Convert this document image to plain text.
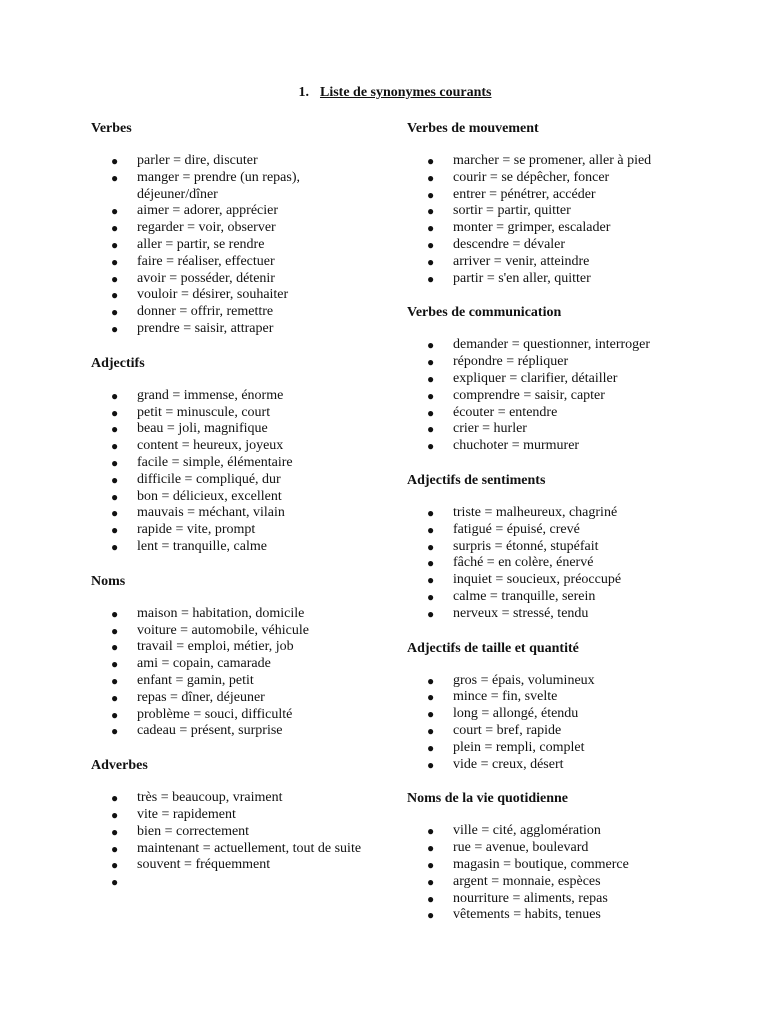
1. Liste de synonymes courants
Verbes
● parler = dire, discuter
● manger = prendre (un repas), déjeuner/dîner
● aimer = adorer, apprécier
● regarder = voir, observer
● aller = partir, se rendre
● faire = réaliser, effectuer
● avoir = posséder, détenir
● vouloir = désirer, souhaiter
● donner = offrir, remettre
● prendre = saisir, attraper
Adjectifs
● grand = immense, énorme
● petit = minuscule, court
● beau = joli, magnifique
● content = heureux, joyeux
● facile = simple, élémentaire
● difficile = compliqué, dur
● bon = délicieux, excellent
● mauvais = méchant, vilain
● rapide = vite, prompt
● lent = tranquille, calme
Noms
● maison = habitation, domicile
● voiture = automobile, véhicule
● travail = emploi, métier, job
● ami = copain, camarade
● enfant = gamin, petit
● repas = dîner, déjeuner
● problème = souci, difficulté
● cadeau = présent, surprise
Adverbes
● très = beaucoup, vraiment
● vite = rapidement
● bien = correctement
● maintenant = actuellement, tout de suite
● souvent = fréquemment
●
Verbes de mouvement
● marcher = se promener, aller à pied
● courir = se dépêcher, foncer
● entrer = pénétrer, accéder
● sortir = partir, quitter
● monter = grimper, escalader
● descendre = dévaler
● arriver = venir, atteindre
● partir = s'en aller, quitter
Verbes de communication
● demander = questionner, interroger
● répondre = répliquer
● expliquer = clarifier, détailler
● comprendre = saisir, capter
● écouter = entendre
● crier = hurler
● chuchoter = murmurer
Adjectifs de sentiments
● triste = malheureux, chagriné
● fatigué = épuisé, crevé
● surpris = étonné, stupéfait
● fâché = en colère, énervé
● inquiet = soucieux, préoccupé
● calme = tranquille, serein
● nerveux = stressé, tendu
Adjectifs de taille et quantité
● gros = épais, volumineux
● mince = fin, svelte
● long = allongé, étendu
● court = bref, rapide
● plein = rempli, complet
● vide = creux, désert
Noms de la vie quotidienne
● ville = cité, agglomération
● rue = avenue, boulevard
● magasin = boutique, commerce
● argent = monnaie, espèces
● nourriture = aliments, repas
● vêtements = habits, tenues
